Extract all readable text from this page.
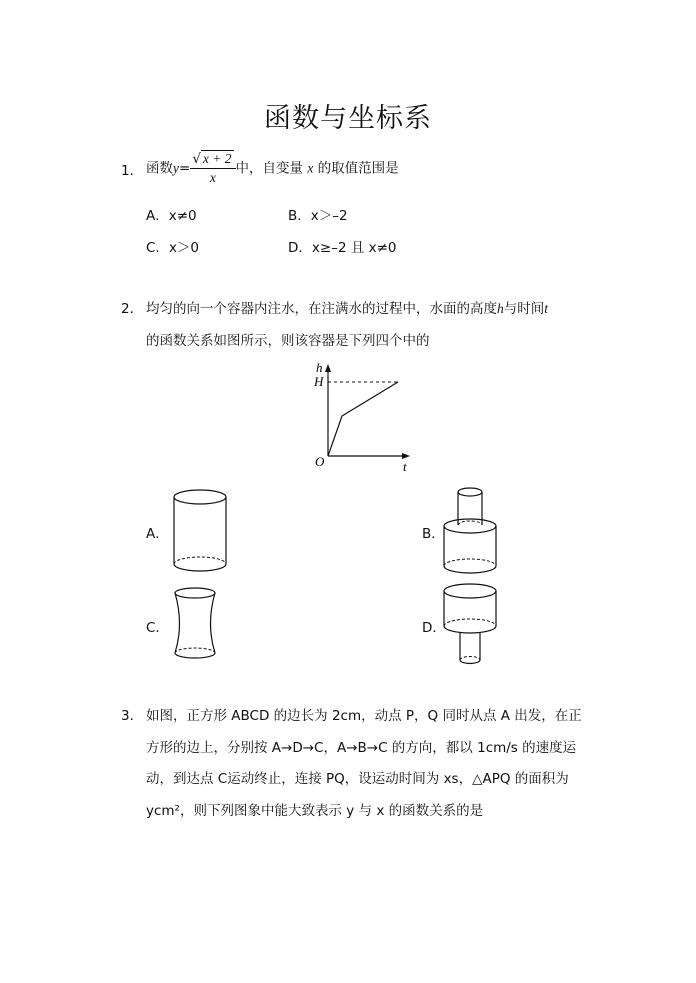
函数与坐标系
1． 函数$y= \frac{√ x + 2}{x}$ 中，自变量 x 的取值范围是
A．x≠0	B．x＞–2
C．x＞0	D．x≥–2 且 x≠0
2． 均匀的向一个容器内注水，在注满水的过程中，水面的高度h与时间t
的函数关系如图所示，则该容器是下列四个中的
h
H
O	t
A．	B．
C．	D．
3． 如图，正方形 ABCD 的边长为 2cm，动点 P，Q 同时从点 A 出发，在正
方形的边上，分别按 A→D→C，A→B→C 的方向，都以 1cm/s 的速度运
动，到达点 C运动终止，连接 PQ，设运动时间为 xs，△APQ 的面积为
ycm²，则下列图象中能大致表示 y 与 x 的函数关系的是
